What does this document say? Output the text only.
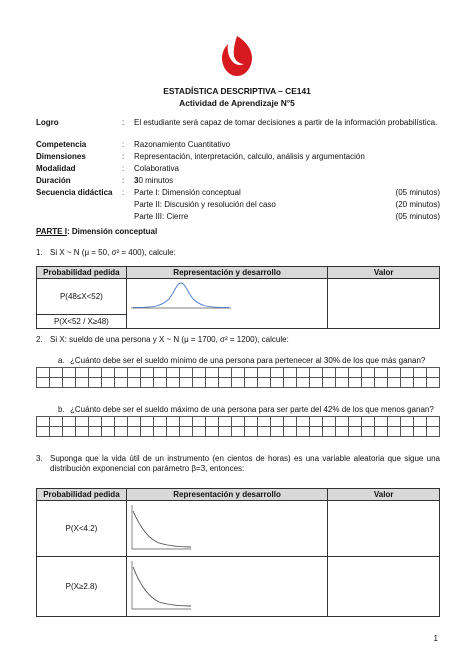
ESTADÍSTICA DESCRIPTIVA – CE141
Actividad de Aprendizaje N°5
Logro	: El estudiante será capaz de tomar decisiones a partir de la información probabilística.
Competencia	: Razonamiento Cuantitativo
Dimensiones	: Representación, interpretación, calculo, análisis y argumentación
Modalidad	: Colaborativa
Duración	: 30 minutos
Secuencia didáctica : Parte I: Dimensión conceptual	(05 minutos)
Parte II: Discusión y resolución del caso	(20 minutos)
Parte III: Cierre	(05 minutos)
PARTE I: Dimensión conceptual
1. Si X ~ N (μ = 50, σ² = 400), calcule:
Probabilidad pedida	Representación y desarrollo	Valor
P(48≤X<52)	

P(X<52 / X≥48)		
2. Si X: sueldo de una persona y X ~ N (μ = 1700, σ² = 1200), calcule:
a. ¿Cuánto debe ser el sueldo mínimo de una persona para pertenecer al 30% de los que más ganan?
b. ¿Cuánto debe ser el sueldo máximo de una persona para ser parte del 42% de los que menos ganan?
3. Suponga que la vida útil de un instrumento (en cientos de horas) es una variable aleatoria que sigue una distribución exponencial con parámetro β=3, entonces:
Probabilidad pedida	Representación y desarrollo	Valor
P(X<4.2)	

P(X≥2.8)	

1
